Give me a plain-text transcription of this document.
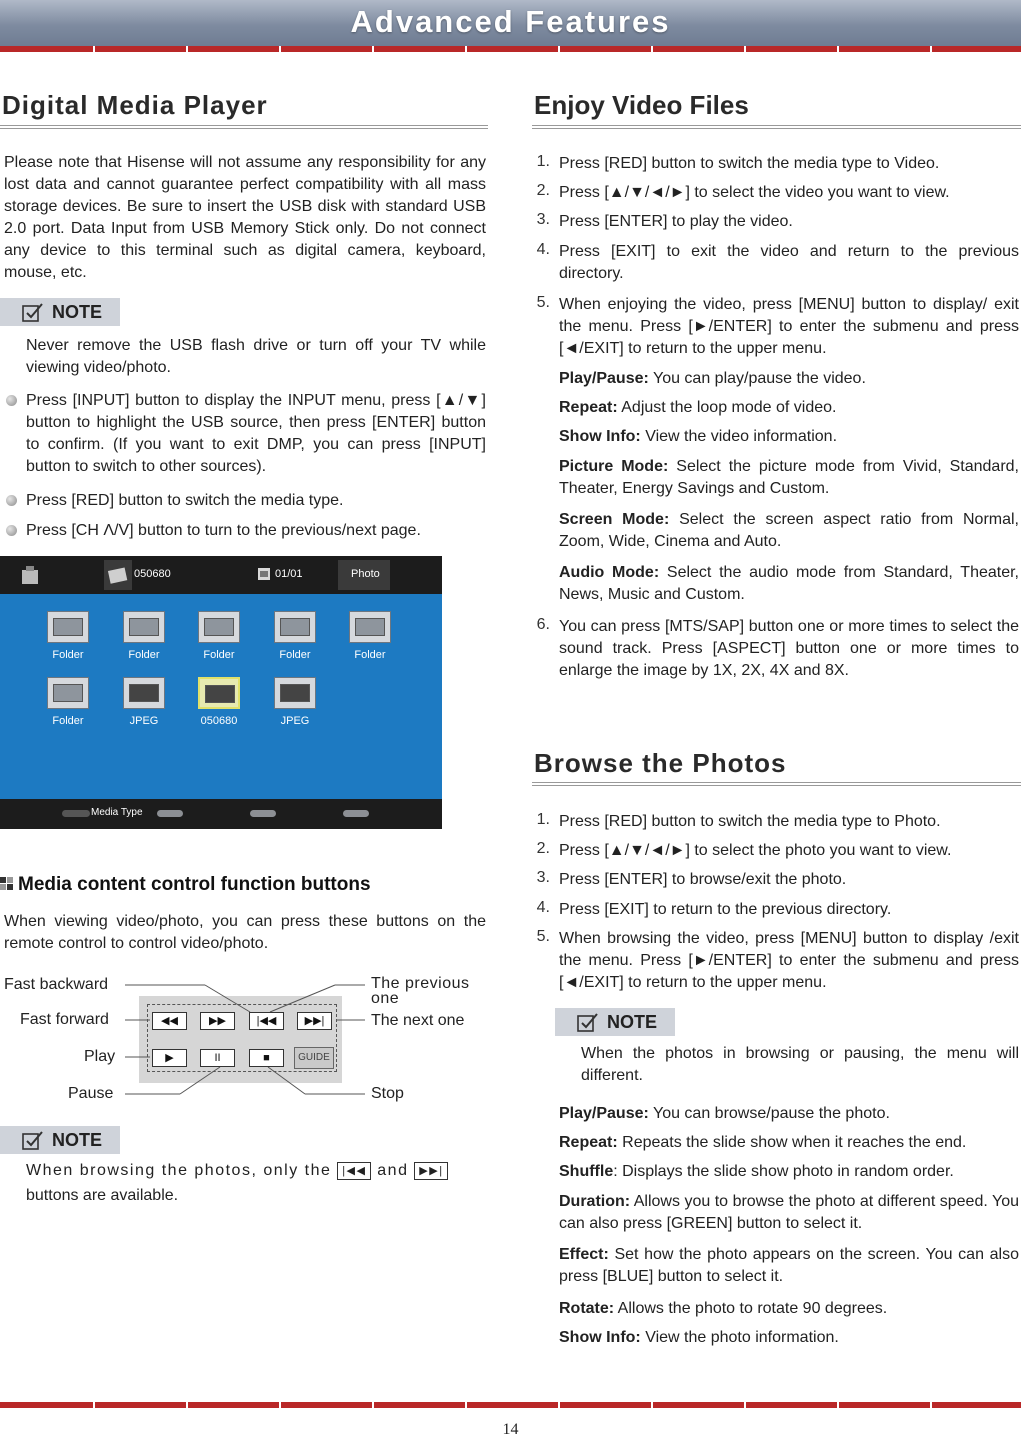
Advanced Features
Digital Media Player
Please note that Hisense will not assume any responsibility for any lost data and cannot guarantee perfect compatibility with all mass storage devices. Be sure to insert the USB disk with standard USB 2.0 port. Data Input from USB Memory Stick only. Do not connect any device to this terminal such as digital camera, keyboard, mouse, etc.
NOTE
Never remove the USB flash drive or turn off your TV while viewing video/photo.
Press [INPUT] button to display the INPUT menu, press [▲/▼] button to highlight the USB source, then press [ENTER] button to confirm. (If you want to exit DMP, you can press [INPUT] button to switch to other sources).
Press [RED] button to switch the media type.
Press [CH Λ/V] button to turn to the previous/next page.
050680	01/01	Photo
Folder	Folder	Folder	Folder	Folder
Folder	JPEG	050680	JPEG
Media Type
Media content control function buttons
When viewing video/photo, you can press these buttons on the remote control to control video/photo.
◀◀	▶▶	|◀◀	▶▶|
▶	II	■	GUIDE
Fast backward
Fast forward
Play
Pause
The previous one
The next one
Stop
NOTE
When browsing the photos, only the |◀◀ and ▶▶|
buttons are available.
Enjoy Video Files
1. Press [RED] button to switch the media type to Video.
2. Press [▲/▼/◄/►] to select the video you want to view.
3. Press [ENTER] to play the video.
4. Press [EXIT] to exit the video and return to the previous directory.
5. When enjoying the video, press [MENU] button to display/ exit the menu. Press [►/ENTER] to enter the submenu and press [◄/EXIT] to return to the upper menu.
Play/Pause: You can play/pause the video.
Repeat: Adjust the loop mode of video.
Show Info: View the video information.
Picture Mode: Select the picture mode from Vivid, Standard, Theater, Energy Savings and Custom.
Screen Mode: Select the screen aspect ratio from Normal, Zoom, Wide, Cinema and Auto.
Audio Mode: Select the audio mode from Standard, Theater, News, Music and Custom.
6. You can press [MTS/SAP] button one or more times to select the sound track. Press [ASPECT] button one or more times to enlarge the image by 1X, 2X, 4X and 8X.
Browse the Photos
1. Press [RED] button to switch the media type to Photo.
2. Press [▲/▼/◄/►] to select the photo you want to view.
3. Press [ENTER] to browse/exit the photo.
4. Press [EXIT] to return to the previous directory.
5. When browsing the video, press [MENU] button to display /exit the menu. Press [►/ENTER] to enter the submenu and press [◄/EXIT] to return to the upper menu.
NOTE
When the photos in browsing or pausing, the menu will different.
Play/Pause: You can browse/pause the photo.
Repeat: Repeats the slide show when it reaches the end.
Shuffle: Displays the slide show photo in random order.
Duration: Allows you to browse the photo at different speed. You can also press [GREEN] button to select it.
Effect: Set how the photo appears on the screen. You can also press [BLUE] button to select it.
Rotate: Allows the photo to rotate 90 degrees.
Show Info: View the photo information.
14
